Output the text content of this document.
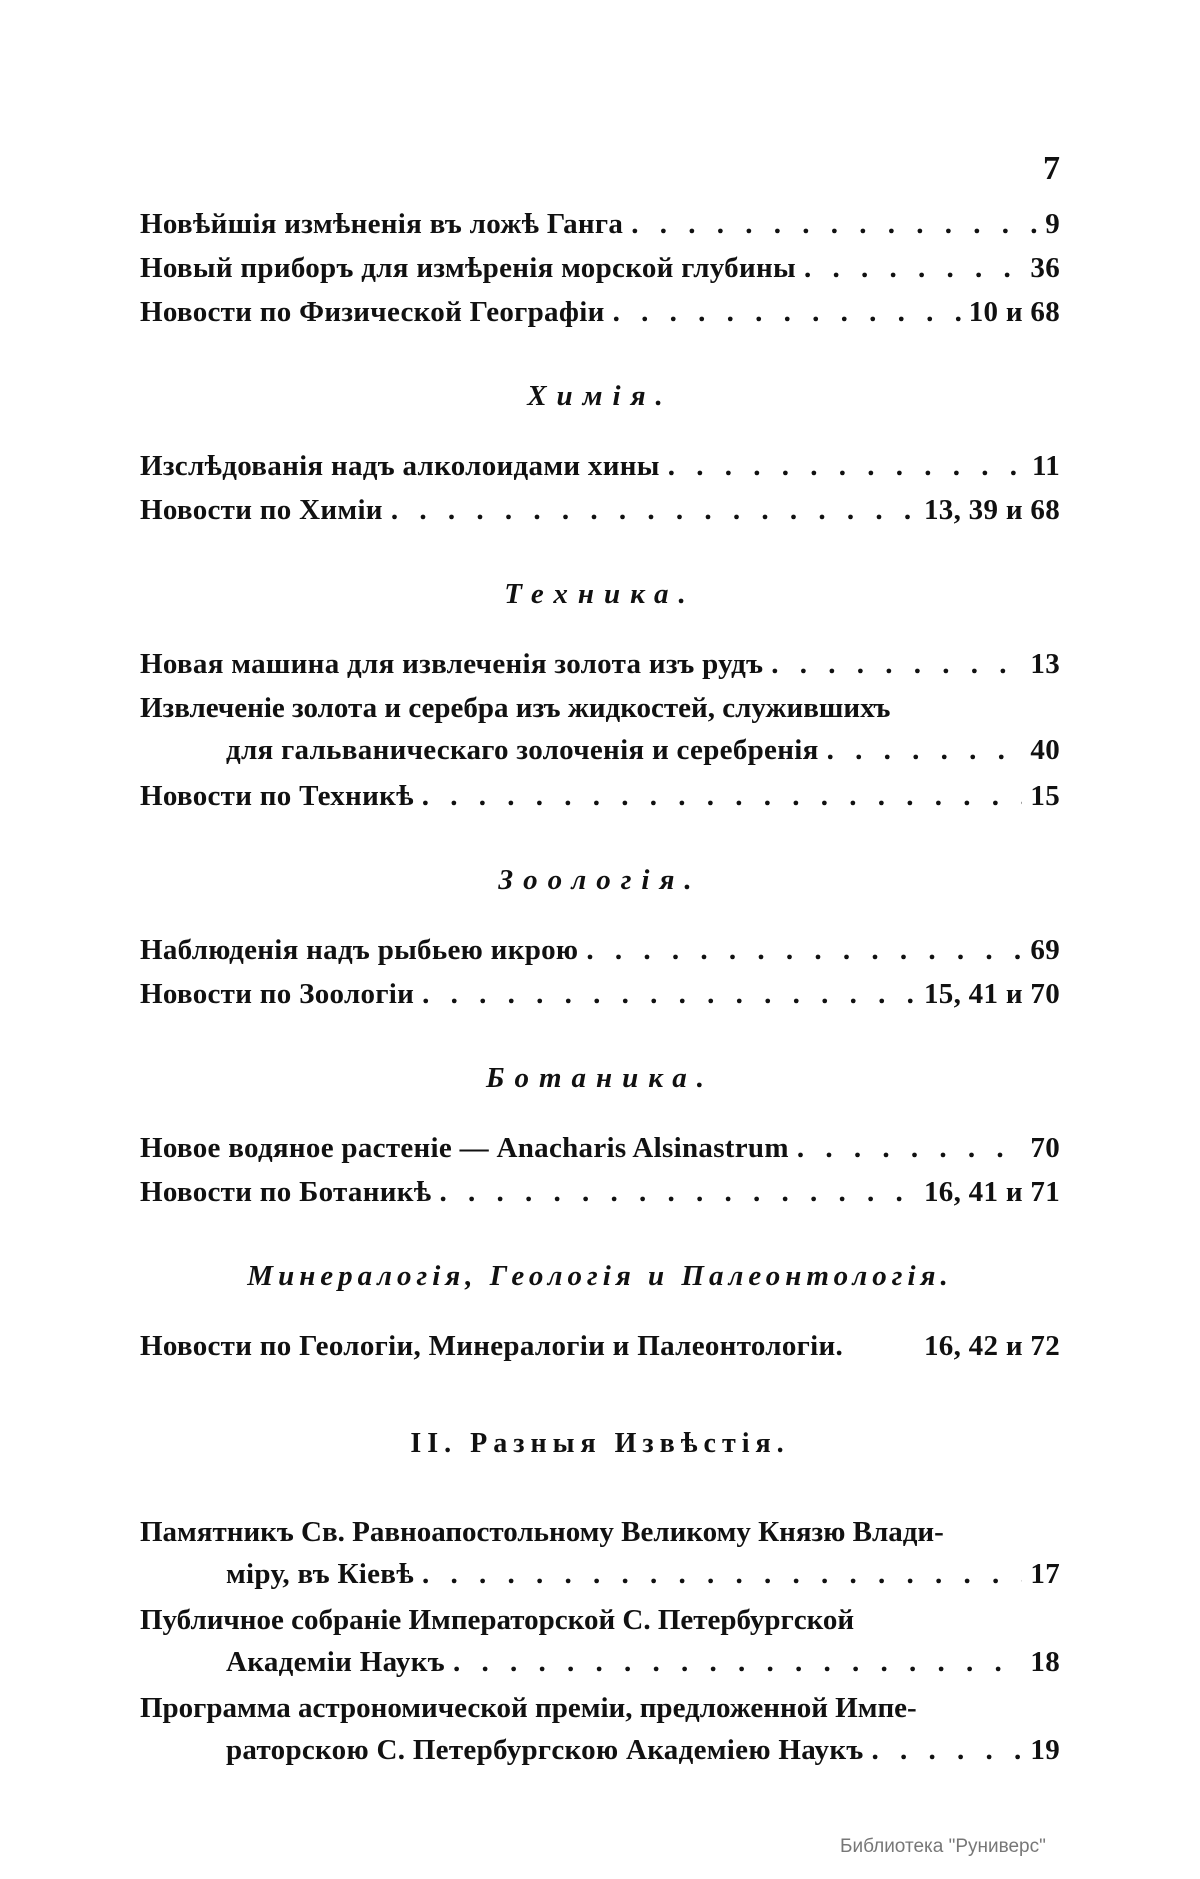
7
Новѣйшія измѣненія въ ложѣ Ганга . . .	9
Новый приборъ для измѣренія морской глубины . . .	36
Новости по Физической Географіи . . .	10 и 68
Химія.
Изслѣдованія надъ алколоидами хины . . .	11
Новости по Химіи . . .	13, 39 и 68
Техника.
Новая машина для извлеченія золота изъ рудъ . . .	13
Извлеченіе золота и серебра изъ жидкостей, служившихъ
для гальваническаго золоченія и серебренія . . .	40
Новости по Техникѣ . . .	15
Зоологія.
Наблюденія надъ рыбьею икрою . . .	69
Новости по Зоологіи . . .	15, 41 и 70
Ботаника.
Новое водяное растеніе — Anacharis Alsinastrum . . .	70
Новости по Ботаникѣ . . .	16, 41 и 71
Минералогія, Геологія и Палеонтологія.
Новости по Геологіи, Минералогіи и Палеонтологіи.	16, 42 и 72
II. Разныя Извѣстія.
Памятникъ Св. Равноапостольному Великому Князю Влади-
міру, въ Кіевѣ . . .	17
Публичное собраніе Императорской С. Петербургской
Академіи Наукъ . . .	18
Программа астрономической преміи, предложенной Импе-
раторскою С. Петербургскою Академіею Наукъ . . .	19
Библиотека "Руниверс"
